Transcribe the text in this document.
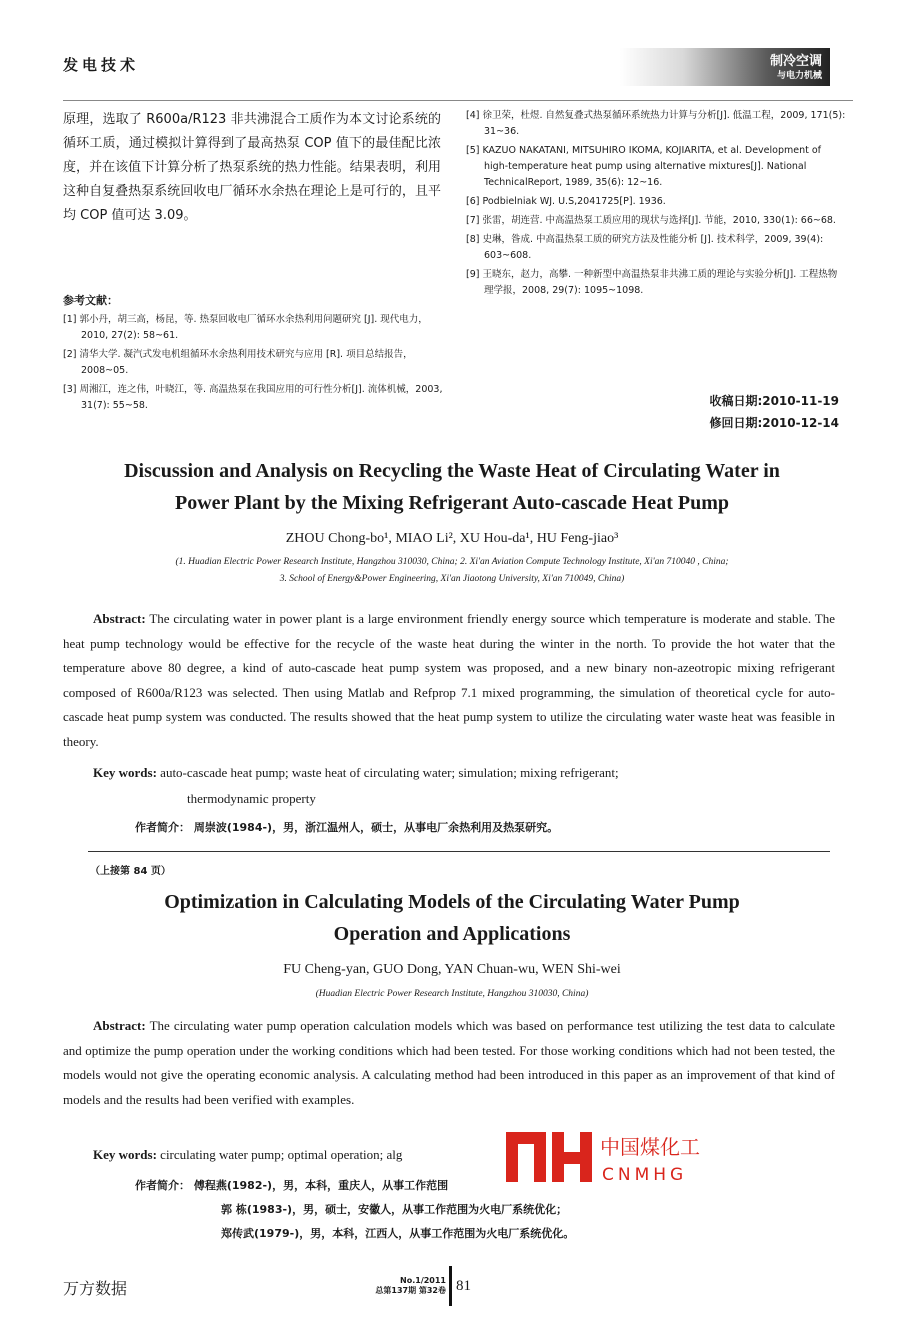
发电技术	制冷空调
与电力机械
原理，选取了 R600a/R123 非共沸混合工质作为本文讨论系统的循环工质，通过模拟计算得到了最高热泵 COP 值下的最佳配比浓度，并在该值下计算分析了热泵系统的热力性能。结果表明，利用这种自复叠热泵系统回收电厂循环水余热在理论上是可行的，且平均 COP 值可达 3.09。
参考文献：
[1] 郭小丹，胡三高，杨昆，等. 热泵回收电厂循环水余热利用问题研究 [J]. 现代电力，2010, 27(2): 58~61.
[2] 清华大学. 凝汽式发电机组循环水余热利用技术研究与应用 [R]. 项目总结报告，2008~05.
[3] 周湘江，连之伟，叶晓江，等. 高温热泵在我国应用的可行性分析[J]. 流体机械，2003, 31(7): 55~58.
[4] 徐卫荣，杜煜. 自然复叠式热泵循环系统热力计算与分析[J]. 低温工程，2009, 171(5): 31~36.
[5] KAZUO NAKATANI, MITSUHIRO IKOMA, KOJIARITA, et al. Development of high-temperature heat pump using alternative mixtures[J]. National TechnicalReport, 1989, 35(6): 12~16.
[6] Podbielniak WJ. U.S,2041725[P]. 1936.
[7] 张雷，胡连营. 中高温热泵工质应用的现状与选择[J]. 节能，2010, 330(1): 66~68.
[8] 史琳，昝成. 中高温热泵工质的研究方法及性能分析 [J]. 技术科学，2009, 39(4): 603~608.
[9] 王晓东，赵力，高攀. 一种新型中高温热泵非共沸工质的理论与实验分析[J]. 工程热物理学报，2008, 29(7): 1095~1098.
收稿日期:2010-11-19
修回日期:2010-12-14
Discussion and Analysis on Recycling the Waste Heat of Circulating Water in
Power Plant by the Mixing Refrigerant Auto-cascade Heat Pump
ZHOU Chong-bo¹, MIAO Li², XU Hou-da¹, HU Feng-jiao³
(1. Huadian Electric Power Research Institute, Hangzhou 310030, China; 2. Xi'an Aviation Compute Technology Institute, Xi'an 710040 , China;
3. School of Energy&Power Engineering, Xi'an Jiaotong University, Xi'an 710049, China)
Abstract: The circulating water in power plant is a large environment friendly energy source which temperature is moderate and stable. The heat pump technology would be effective for the recycle of the waste heat during the winter in the north. To provide the hot water that the temperature above 80 degree, a kind of auto-cascade heat pump system was proposed, and a new binary non-azeotropic mixing refrigerant composed of R600a/R123 was selected. Then using Matlab and Refprop 7.1 mixed programming, the simulation of theoretical cycle for auto-cascade heat pump system was conducted. The results showed that the heat pump system to utilize the circulating water waste heat was feasible in theory.
Key words: auto-cascade heat pump; waste heat of circulating water; simulation; mixing refrigerant;
thermodynamic property
作者简介： 周崇波(1984-)，男，浙江温州人，硕士，从事电厂余热利用及热泵研究。
（上接第 84 页）
Optimization in Calculating Models of the Circulating Water Pump
Operation and Applications
FU Cheng-yan, GUO Dong, YAN Chuan-wu, WEN Shi-wei
(Huadian Electric Power Research Institute, Hangzhou 310030, China)
Abstract: The circulating water pump operation calculation models which was based on performance test utilizing the test data to calculate and optimize the pump operation under the working conditions which had been tested. For those working conditions which had not been tested, the models would not give the operating economic analysis. A calculating method had been introduced in this paper as an improvement of that kind of models and the results had been verified with examples.
Key words: circulating water pump; optimal operation; alg
作者简介： 傅程燕(1982-)，男，本科，重庆人，从事工作范围
郭 栋(1983-)，男，硕士，安徽人，从事工作范围为火电厂系统优化；
郑传武(1979-)，男，本科，江西人，从事工作范围为火电厂系统优化。
中国煤化工
CNMHG
万方数据	No.1/2011
总第137期 第32卷 81
